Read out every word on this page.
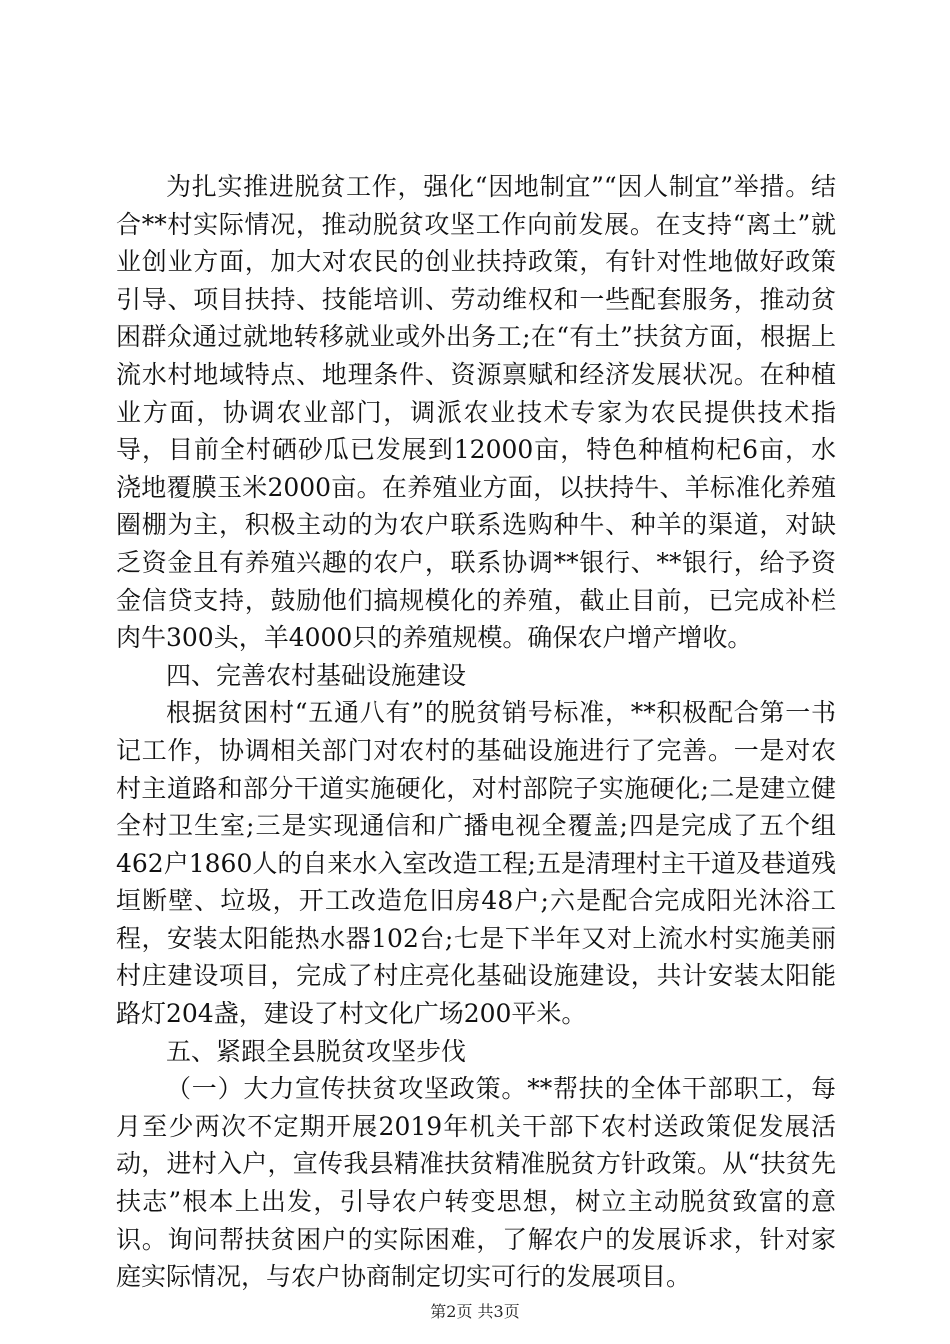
为扎实推进脱贫工作，强化“因地制宜”“因人制宜”举措。结合**村实际情况，推动脱贫攻坚工作向前发展。在支持“离土”就业创业方面，加大对农民的创业扶持政策，有针对性地做好政策引导、项目扶持、技能培训、劳动维权和一些配套服务，推动贫困群众通过就地转移就业或外出务工;在“有土”扶贫方面，根据上流水村地域特点、地理条件、资源禀赋和经济发展状况。在种植业方面，协调农业部门，调派农业技术专家为农民提供技术指导，目前全村硒砂瓜已发展到12000亩，特色种植枸杞6亩，水浇地覆膜玉米2000亩。在养殖业方面，以扶持牛、羊标准化养殖圈棚为主，积极主动的为农户联系选购种牛、种羊的渠道，对缺乏资金且有养殖兴趣的农户，联系协调**银行、**银行，给予资金信贷支持，鼓励他们搞规模化的养殖，截止目前，已完成补栏肉牛300头，羊4000只的养殖规模。确保农户增产增收。

四、完善农村基础设施建设

根据贫困村“五通八有”的脱贫销号标准，**积极配合第一书记工作，协调相关部门对农村的基础设施进行了完善。一是对农村主道路和部分干道实施硬化，对村部院子实施硬化;二是建立健全村卫生室;三是实现通信和广播电视全覆盖;四是完成了五个组462户1860人的自来水入室改造工程;五是清理村主干道及巷道残垣断壁、垃圾，开工改造危旧房48户;六是配合完成阳光沐浴工程，安装太阳能热水器102台;七是下半年又对上流水村实施美丽村庄建设项目，完成了村庄亮化基础设施建设，共计安装太阳能路灯204盏，建设了村文化广场200平米。

五、紧跟全县脱贫攻坚步伐

（一）大力宣传扶贫攻坚政策。**帮扶的全体干部职工，每月至少两次不定期开展2019年机关干部下农村送政策促发展活动，进村入户，宣传我县精准扶贫精准脱贫方针政策。从“扶贫先扶志”根本上出发，引导农户转变思想，树立主动脱贫致富的意识。询问帮扶贫困户的实际困难，了解农户的发展诉求，针对家庭实际情况，与农户协商制定切实可行的发展项目。

第2页 共3页
